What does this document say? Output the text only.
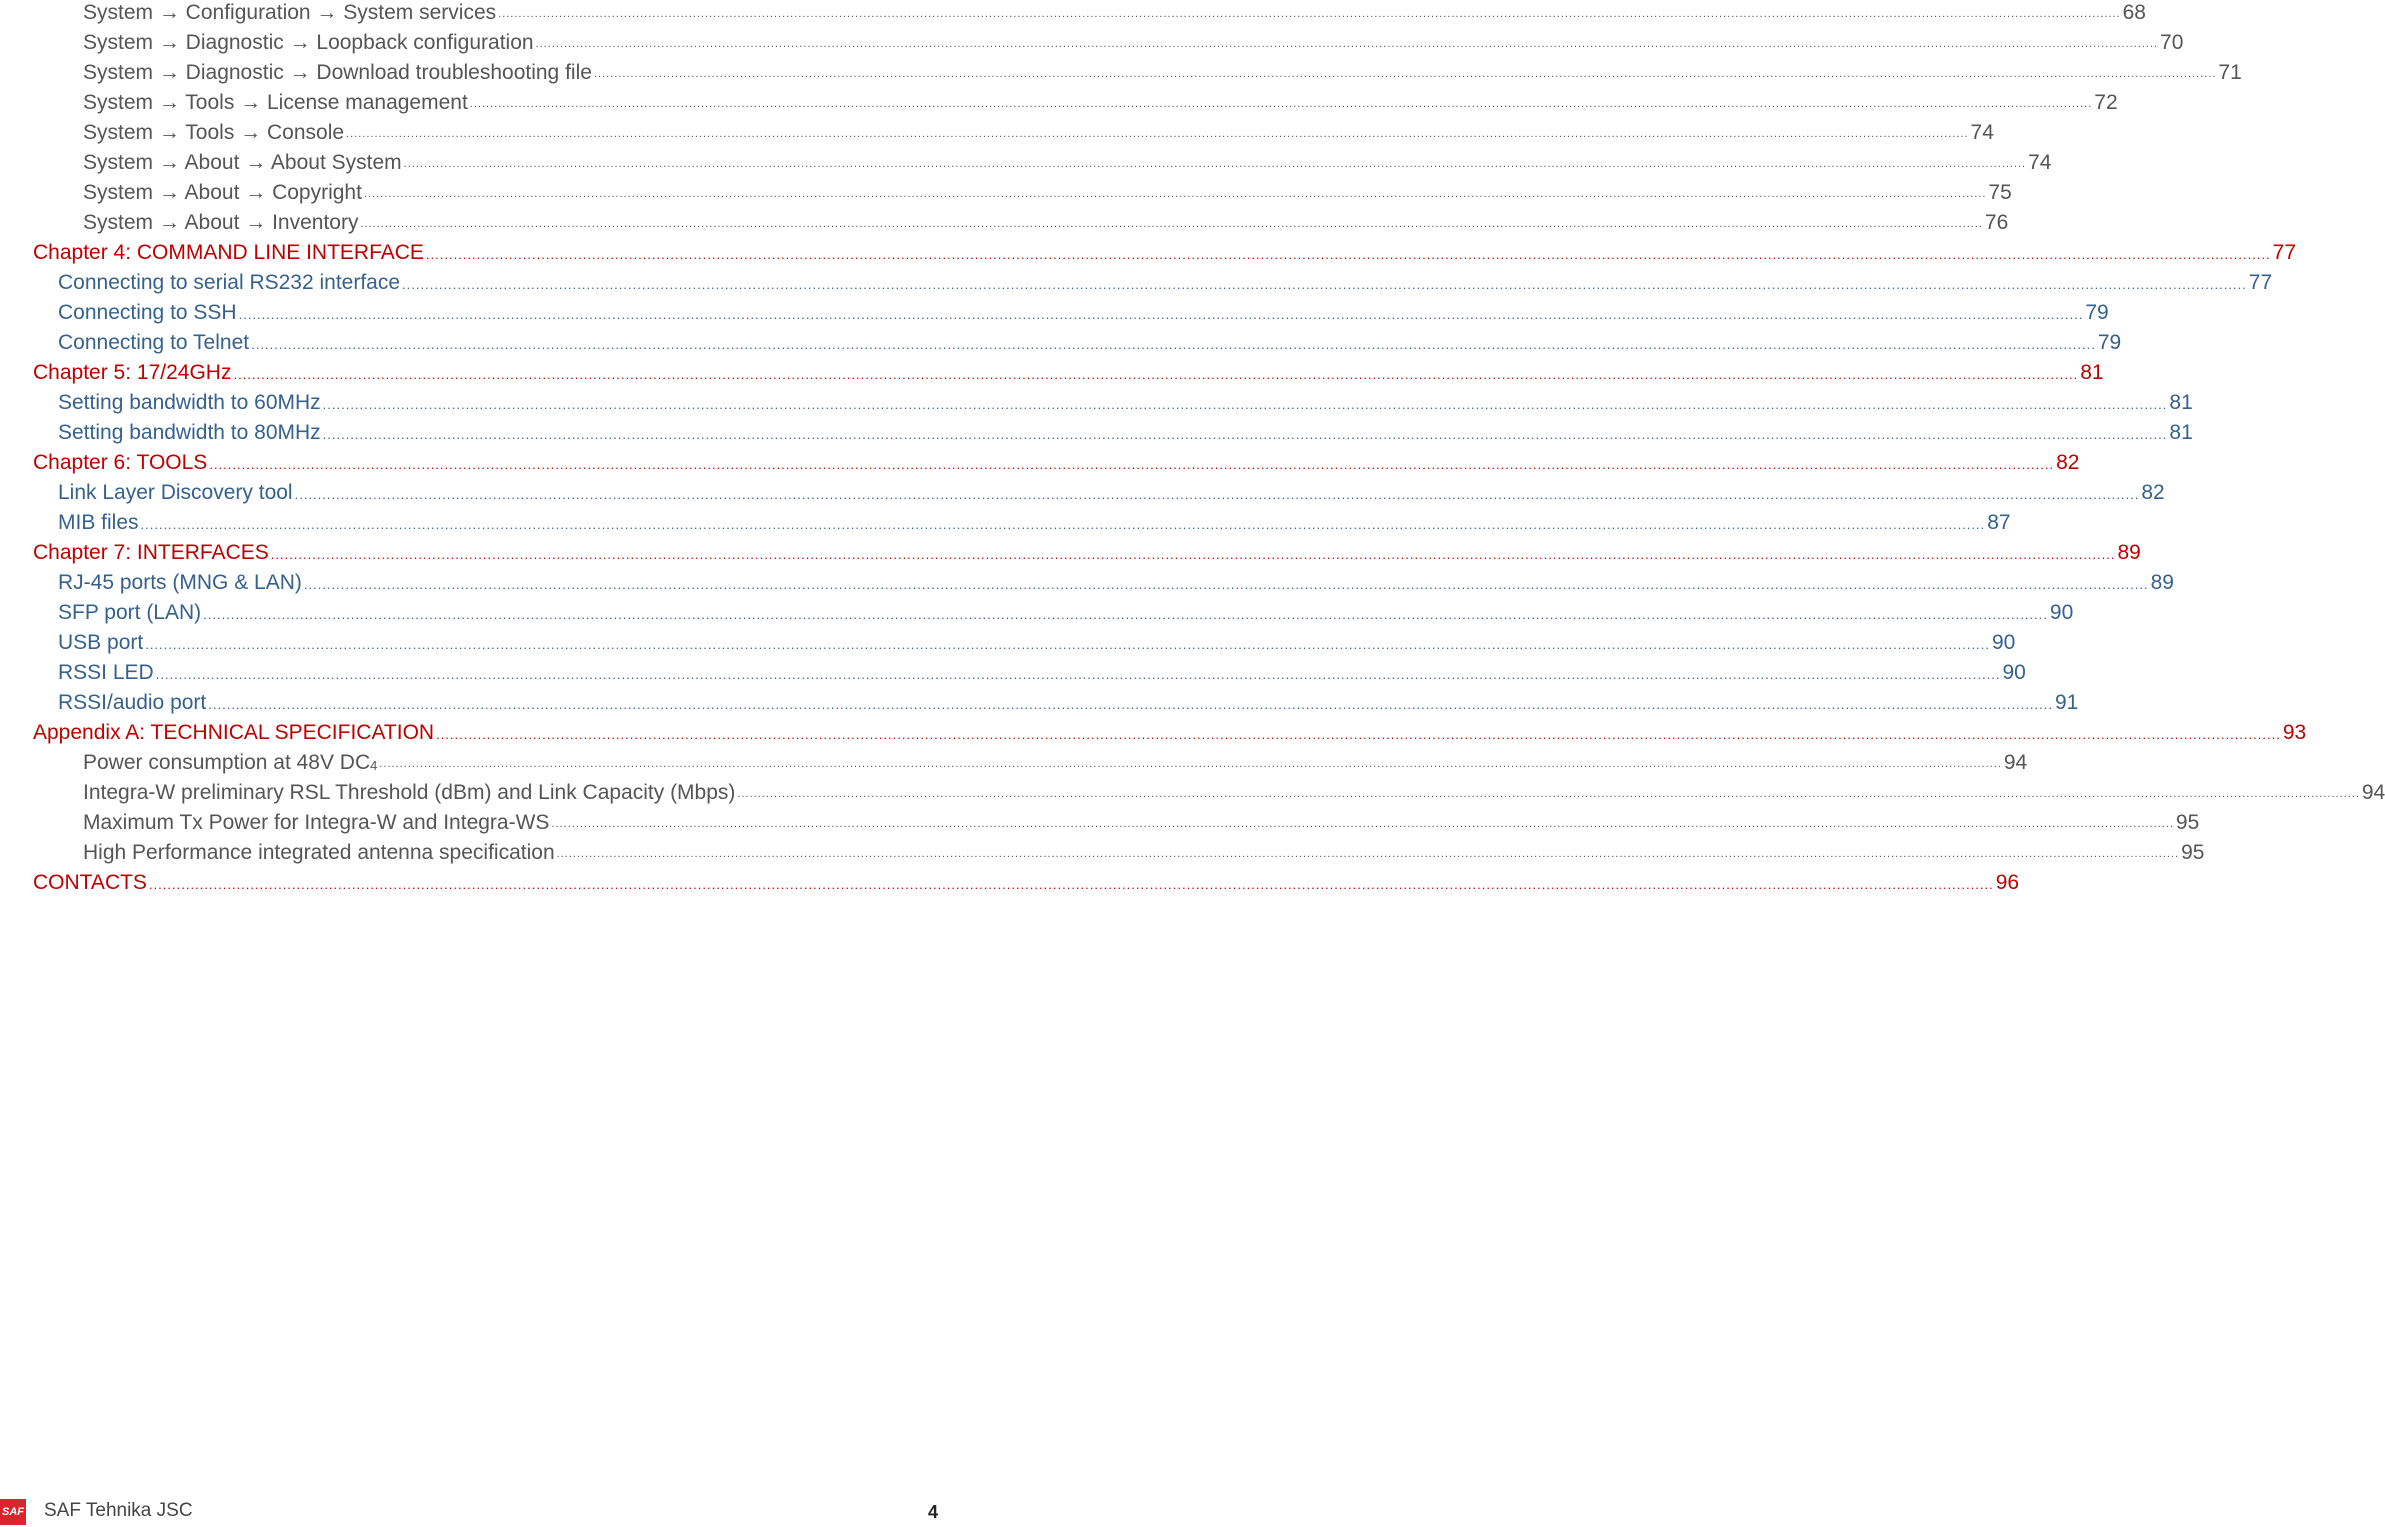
System → Configuration → System services ................................................................................................................................................................................................................................................................................................................................................................................................................ 68
System → Diagnostic → Loopback configuration ................................................................................................................................................................................................................................................................................................................................................................................................................ 70
System → Diagnostic → Download troubleshooting file ................................................................................................................................................................................................................................................................................................................................................................................................................ 71
System → Tools → License management ................................................................................................................................................................................................................................................................................................................................................................................................................ 72
System → Tools → Console ................................................................................................................................................................................................................................................................................................................................................................................................................ 74
System → About → About System ................................................................................................................................................................................................................................................................................................................................................................................................................ 74
System → About → Copyright ................................................................................................................................................................................................................................................................................................................................................................................................................ 75
System → About → Inventory ................................................................................................................................................................................................................................................................................................................................................................................................................ 76
Chapter 4: COMMAND LINE INTERFACE ................................................................................................................................................................................................................................................................................................................................................................................................................ 77
Connecting to serial RS232 interface ................................................................................................................................................................................................................................................................................................................................................................................................................ 77
Connecting to SSH ................................................................................................................................................................................................................................................................................................................................................................................................................ 79
Connecting to Telnet ................................................................................................................................................................................................................................................................................................................................................................................................................ 79
Chapter 5: 17/24GHz ................................................................................................................................................................................................................................................................................................................................................................................................................ 81
Setting bandwidth to 60MHz ................................................................................................................................................................................................................................................................................................................................................................................................................ 81
Setting bandwidth to 80MHz ................................................................................................................................................................................................................................................................................................................................................................................................................ 81
Chapter 6: TOOLS ................................................................................................................................................................................................................................................................................................................................................................................................................ 82
Link Layer Discovery tool ................................................................................................................................................................................................................................................................................................................................................................................................................ 82
MIB files ................................................................................................................................................................................................................................................................................................................................................................................................................ 87
Chapter 7: INTERFACES ................................................................................................................................................................................................................................................................................................................................................................................................................ 89
RJ-45 ports (MNG & LAN) ................................................................................................................................................................................................................................................................................................................................................................................................................ 89
SFP port (LAN) ................................................................................................................................................................................................................................................................................................................................................................................................................ 90
USB port ................................................................................................................................................................................................................................................................................................................................................................................................................ 90
RSSI LED ................................................................................................................................................................................................................................................................................................................................................................................................................ 90
RSSI/audio port ................................................................................................................................................................................................................................................................................................................................................................................................................ 91
Appendix A: TECHNICAL SPECIFICATION ................................................................................................................................................................................................................................................................................................................................................................................................................ 93
Power consumption at 48V $DC^4$ ................................................................................................................................................................................................................................................................................................................................................................................................................ 94
Integra-W preliminary RSL Threshold (dBm) and Link Capacity (Mbps) ................................................................................................................................................................................................................................................................................................................................................................................................................ 94
Maximum Tx Power for Integra-W and Integra-WS ................................................................................................................................................................................................................................................................................................................................................................................................................ 95
High Performance integrated antenna specification ................................................................................................................................................................................................................................................................................................................................................................................................................ 95
CONTACTS ................................................................................................................................................................................................................................................................................................................................................................................................................ 96
SAF SAF Tehnika JSC	4
